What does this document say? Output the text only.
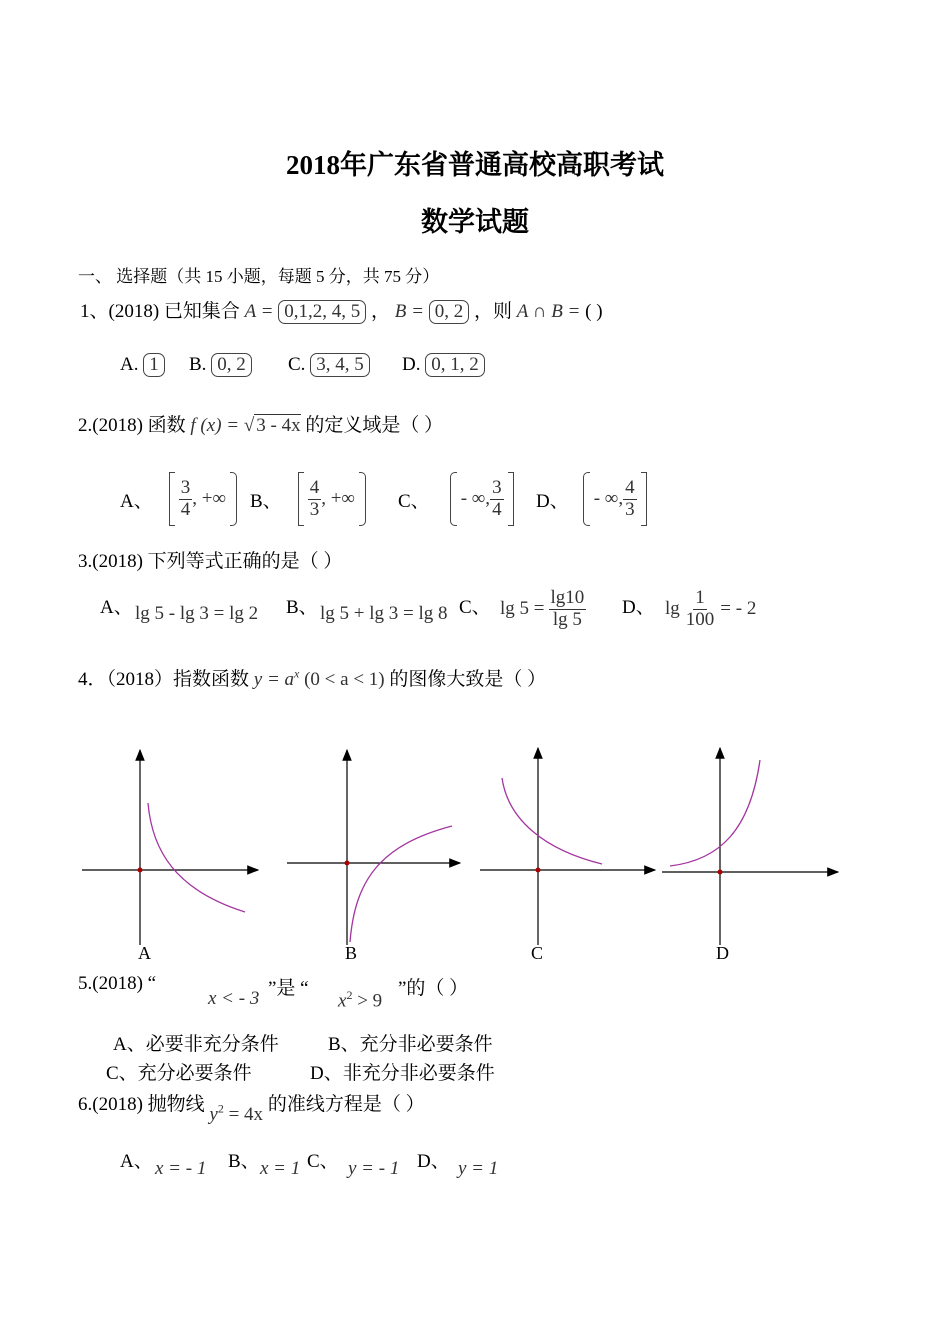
2018年广东省普通高校高职考试
数学试题
一、 选择题（共 15 小题，每题 5 分，共 75 分）
1、(2018) 已知集合 A = 0,1,2, 4, 5 ， B = 0, 2 ，则 A ∩ B = ( )
A. 1	B. 0, 2	C. 3, 4, 5	D. 0, 1, 2
2.(2018) 函数 f (x) = √ 3 - 4x 的定义域是（ ）
A、 $\frac{3}{4}$ , +∞ B、 $\frac{4}{3}$ , +∞ C、 - ∞, $\frac{3}{4}$ D、 - ∞, $\frac{4}{3}$
3.(2018) 下列等式正确的是（ ）
A、 lg 5 - lg 3 = lg 2 B、 lg 5 + lg 3 = lg 8 C、 $\lg 5 = \frac{\lg 10}{\lg 5}$ D、 $\lg \frac{1}{100}$ = - 2
4．（2018）指数函数 $y = a^x$ (0 < a < 1) 的图像大致是（ ）
A	B	C	D
5.(2018) “
x < - 3 ”是 “
$x^2 > 9$
”的（ ）
A、必要非充分条件	B、充分非必要条件
C、充分必要条件	D、非充分非必要条件
6.(2018) 抛物线 $y^2 = 4x$ 的准线方程是（ ）
A、 x = - 1 B、 x = 1 C、 y = - 1 D、 y = 1
